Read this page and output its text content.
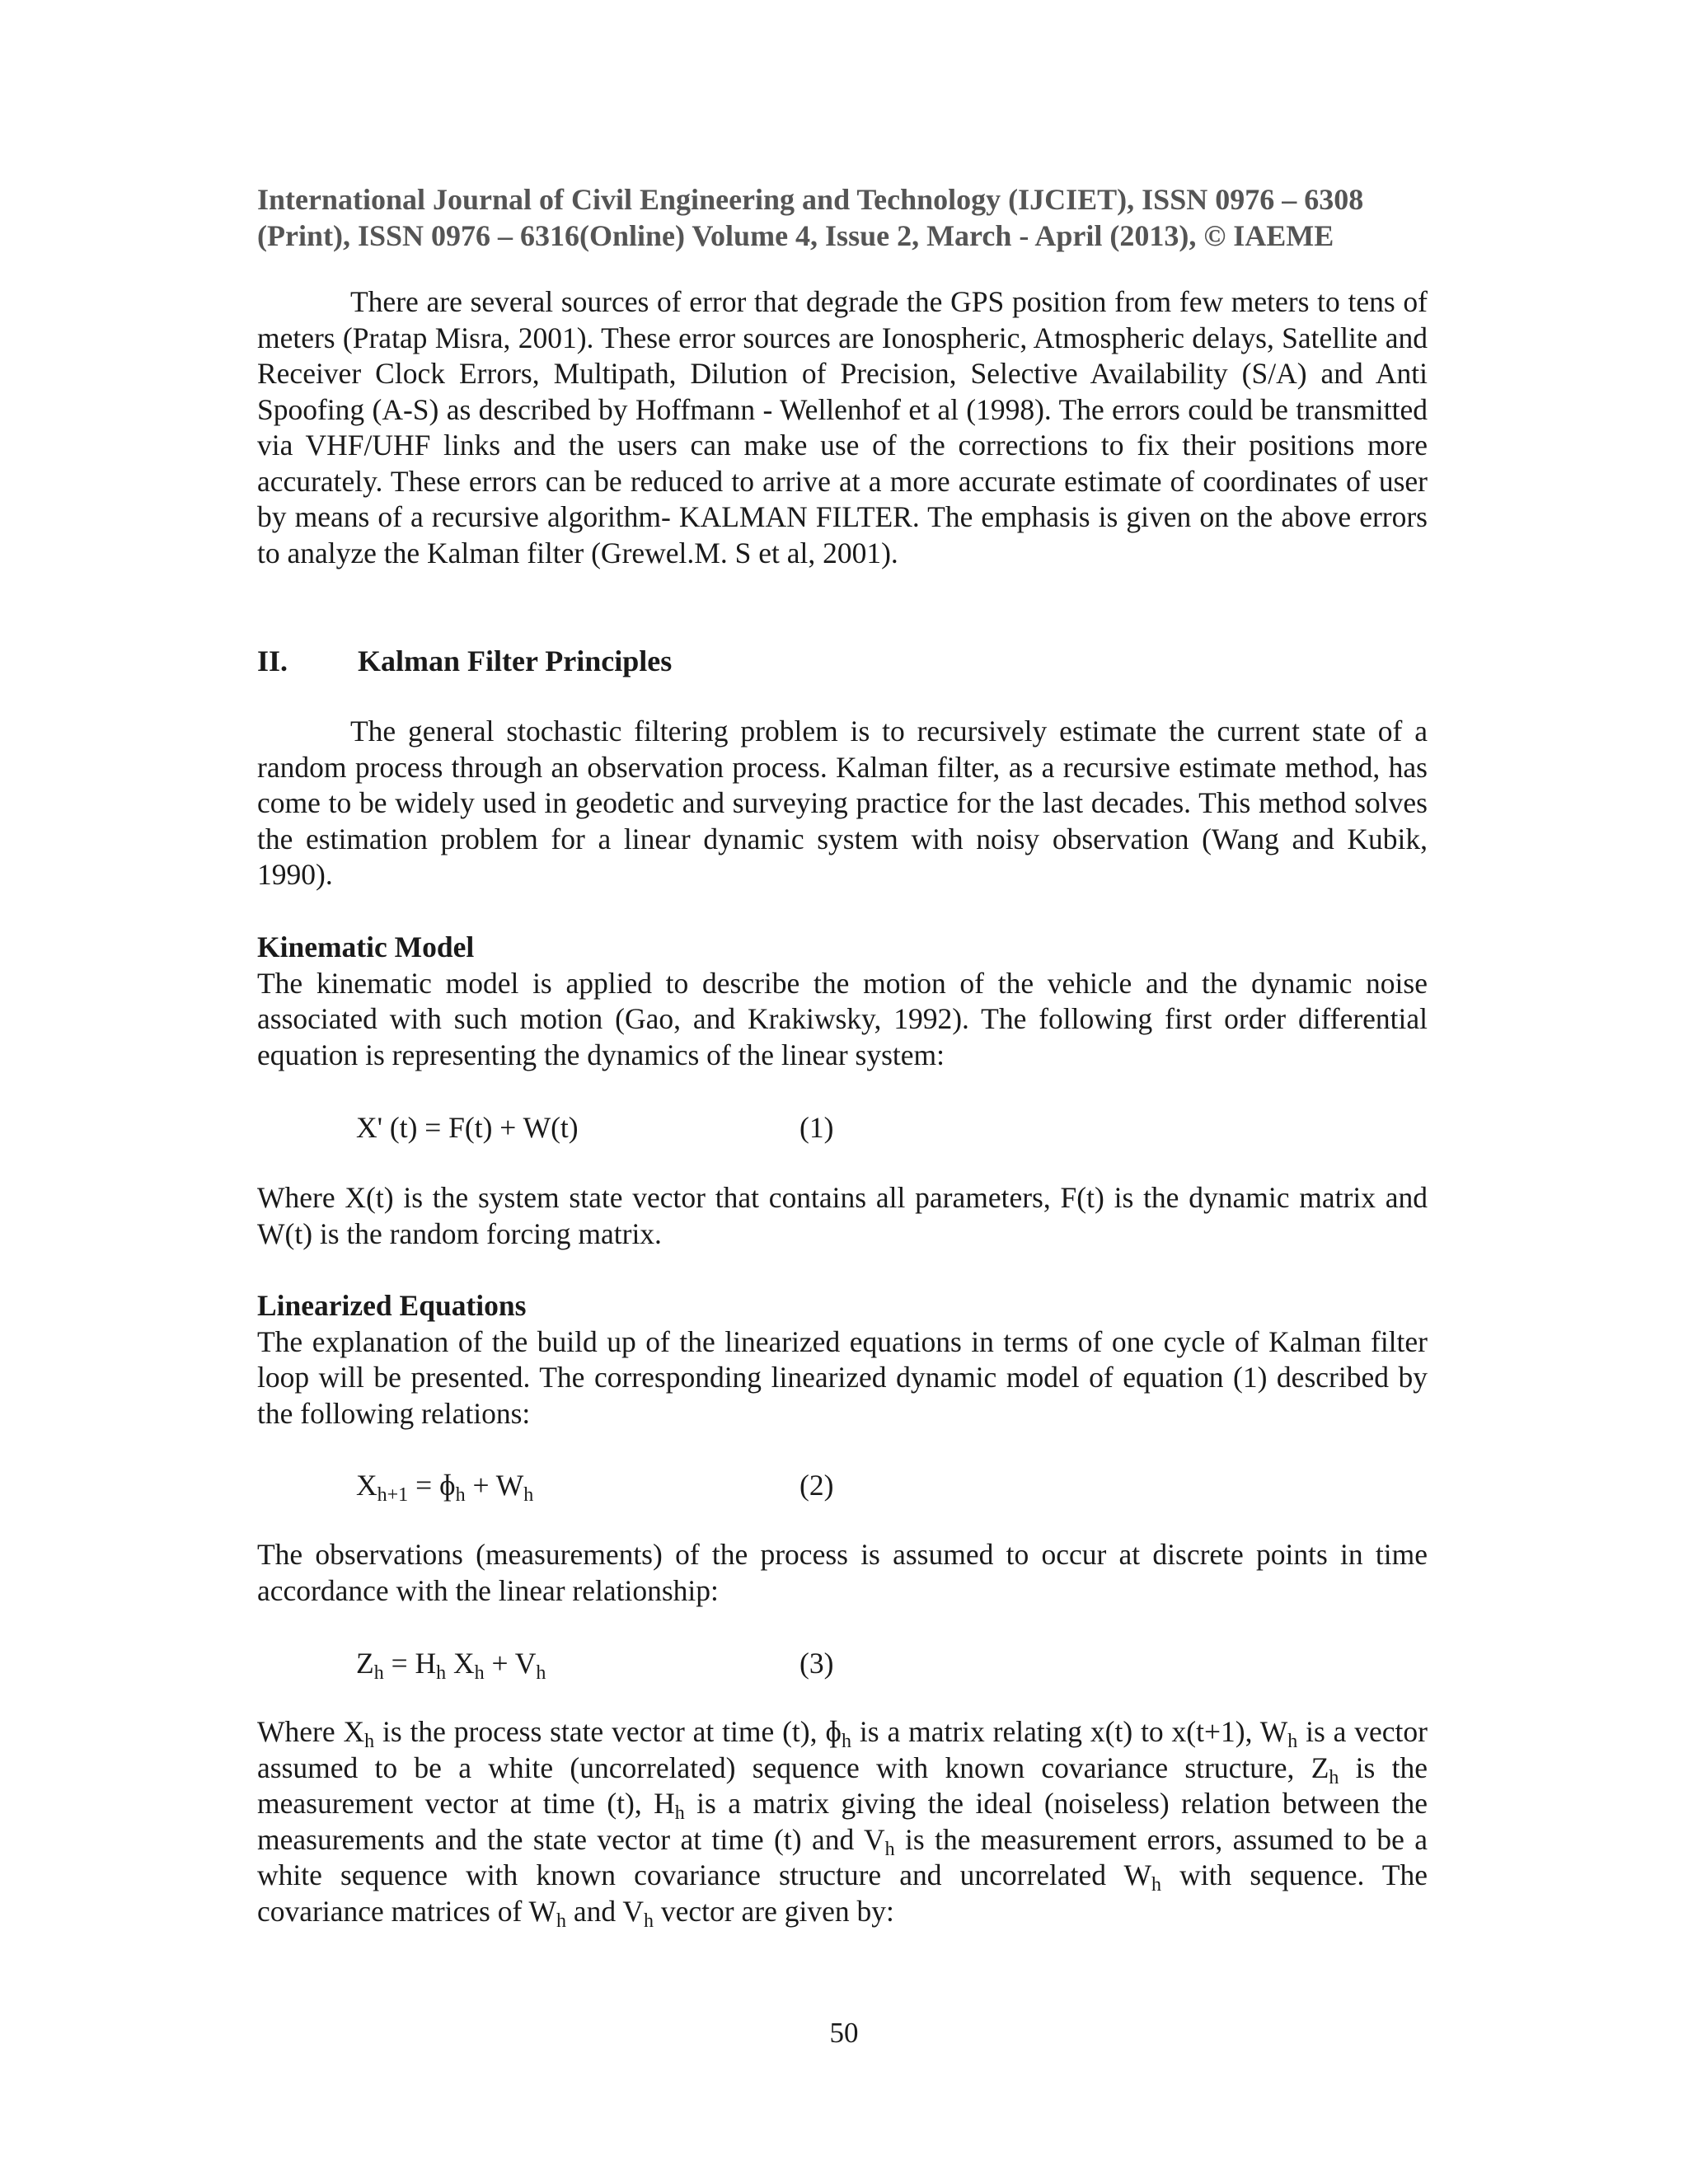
International Journal of Civil Engineering and Technology (IJCIET), ISSN 0976 – 6308
(Print), ISSN 0976 – 6316(Online) Volume 4, Issue 2, March - April (2013), © IAEME

There are several sources of error that degrade the GPS position from few meters to tens of meters (Pratap Misra, 2001). These error sources are Ionospheric, Atmospheric delays, Satellite and Receiver Clock Errors, Multipath, Dilution of Precision, Selective Availability (S/A) and Anti Spoofing (A-S) as described by Hoffmann - Wellenhof et al (1998). The errors could be transmitted via VHF/UHF links and the users can make use of the corrections to fix their positions more accurately. These errors can be reduced to arrive at a more accurate estimate of coordinates of user by means of a recursive algorithm- KALMAN FILTER. The emphasis is given on the above errors to analyze the Kalman filter (Grewel.M. S et al, 2001).

II. Kalman Filter Principles

The general stochastic filtering problem is to recursively estimate the current state of a random process through an observation process. Kalman filter, as a recursive estimate method, has come to be widely used in geodetic and surveying practice for the last decades. This method solves the estimation problem for a linear dynamic system with noisy observation (Wang and Kubik, 1990).

Kinematic Model
The kinematic model is applied to describe the motion of the vehicle and the dynamic noise associated with such motion (Gao, and Krakiwsky, 1992). The following first order differential equation is representing the dynamics of the linear system:
X' (t) = F(t) + W(t)	(1)

Where X(t) is the system state vector that contains all parameters, F(t) is the dynamic matrix and W(t) is the random forcing matrix.

Linearized Equations
The explanation of the build up of the linearized equations in terms of one cycle of Kalman filter loop will be presented. The corresponding linearized dynamic model of equation (1) described by the following relations:
$X_{h+1}$ = ɸ$_h$ + $W_h$	(2)

The observations (measurements) of the process is assumed to occur at discrete points in time accordance with the linear relationship:

$Z_h = H_h$ $X_h + V_h$	(3)

Where $X_h$ is the process state vector at time (t), ɸ$_h$ is a matrix relating x(t) to x(t+1), $W_h$ is a vector assumed to be a white (uncorrelated) sequence with known covariance structure, $Z_h$ is the measurement vector at time (t), $H_h$ is a matrix giving the ideal (noiseless) relation between the measurements and the state vector at time (t) and $V_h$ is the measurement errors, assumed to be a white sequence with known covariance structure and uncorrelated $W_h$ with sequence. The covariance matrices of $W_h$ and $V_h$ vector are given by:

50
